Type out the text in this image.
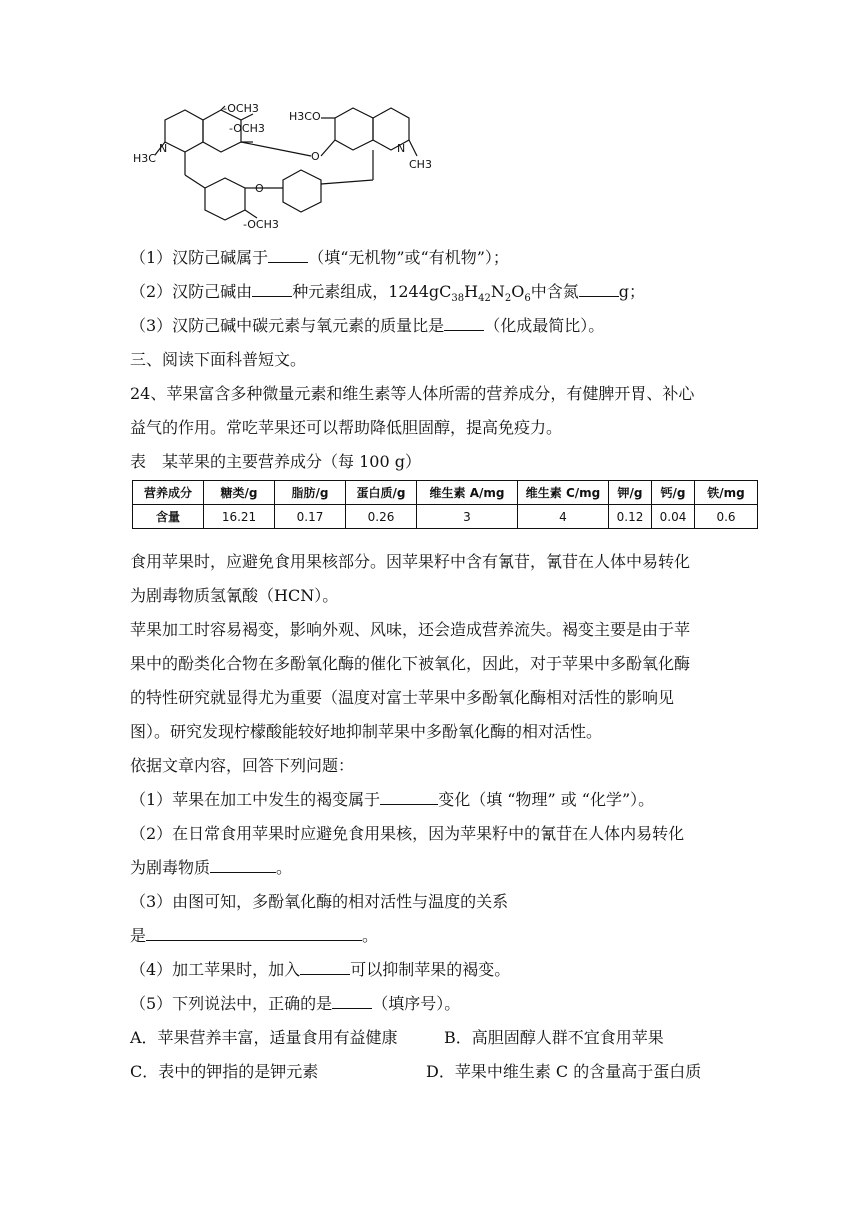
-OCH3
-OCH3
H3CO
H3C
N	N
CH3
O
O
-OCH3
（1）汉防己碱属于	（填“无机物”或“有机物”）；
（2）汉防己碱由	种元素组成，$1244gC_{38}H_{42}N_2O_6$中含氮	g；
（3）汉防己碱中碳元素与氧元素的质量比是	（化成最简比）。
三、阅读下面科普短文。
24、苹果富含多种微量元素和维生素等人体所需的营养成分，有健脾开胃、补心
益气的作用。常吃苹果还可以帮助降低胆固醇，提高免疫力。
表　某苹果的主要营养成分（每 100 g）
营养成分	糖类/g	脂肪/g	蛋白质/g	维生素 A/mg	维生素 C/mg	钾/g	钙/g	铁/mg
含量	16.21	0.17	0.26	3	4	0.12	0.04	0.6
食用苹果时，应避免食用果核部分。因苹果籽中含有氰苷，氰苷在人体中易转化
为剧毒物质氢氰酸（HCN）。
苹果加工时容易褐变，影响外观、风味，还会造成营养流失。褐变主要是由于苹
果中的酚类化合物在多酚氧化酶的催化下被氧化，因此，对于苹果中多酚氧化酶
的特性研究就显得尤为重要（温度对富士苹果中多酚氧化酶相对活性的影响见
图）。研究发现柠檬酸能较好地抑制苹果中多酚氧化酶的相对活性。
依据文章内容，回答下列问题：
（1）苹果在加工中发生的褐变属于	变化（填 “物理” 或 “化学”）。
（2）在日常食用苹果时应避免食用果核，因为苹果籽中的氰苷在人体内易转化
为剧毒物质	。
（3）由图可知，多酚氧化酶的相对活性与温度的关系
是	。
（4）加工苹果时，加入	可以抑制苹果的褐变。
（5）下列说法中，正确的是	（填序号）。
A．苹果营养丰富，适量食用有益健康	B．高胆固醇人群不宜食用苹果
C．表中的钾指的是钾元素	D．苹果中维生素 C 的含量高于蛋白质
